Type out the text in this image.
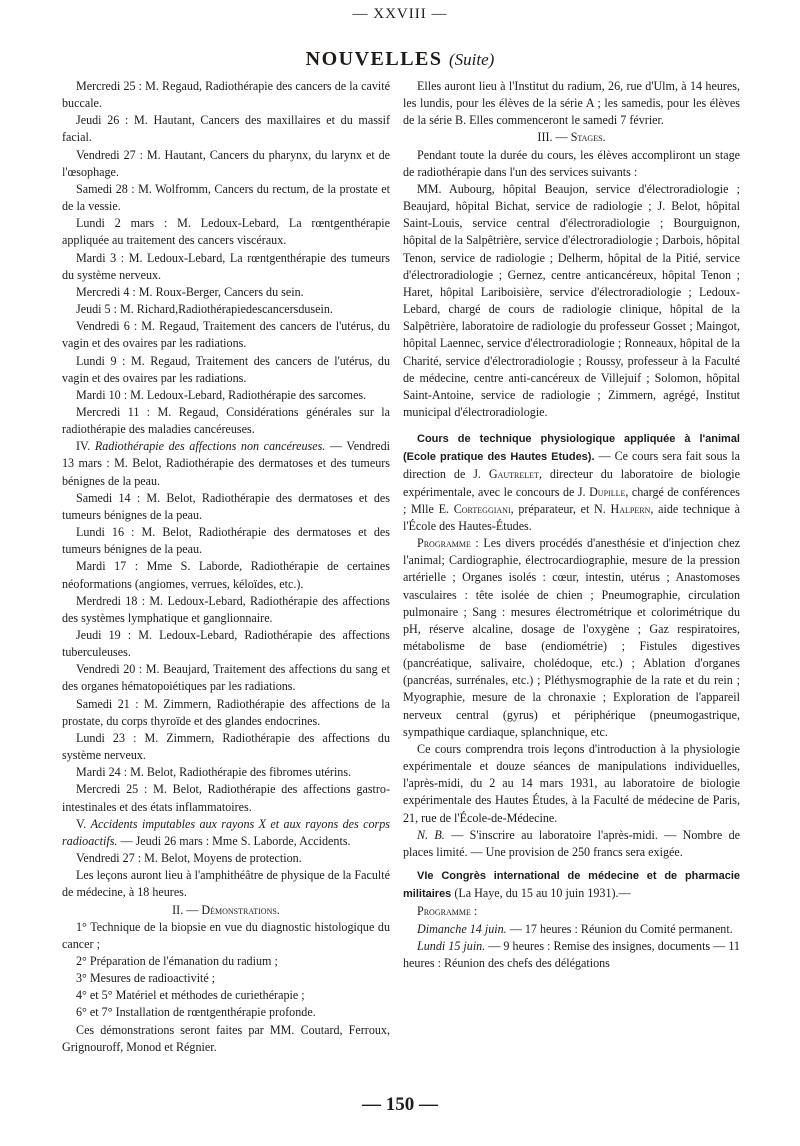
— XXVIII —
NOUVELLES (Suite)

Mercredi 25 : M. Regaud, Radiothérapie des cancers de la cavité buccale.

Jeudi 26 : M. Hautant, Cancers des maxillaires et du massif facial.

Vendredi 27 : M. Hautant, Cancers du pharynx, du larynx et de l'œsophage.

Samedi 28 : M. Wolfromm, Cancers du rectum, de la prostate et de la vessie.

Lundi 2 mars : M. Ledoux-Lebard, La rœntgenthérapie appliquée au traitement des cancers viscéraux.

Mardi 3 : M. Ledoux-Lebard, La rœntgenthérapie des tumeurs du système nerveux.

Mercredi 4 : M. Roux-Berger, Cancers du sein.

Jeudi 5 : M. Richard,Radiothérapiedescancersdusein.

Vendredi 6 : M. Regaud, Traitement des cancers de l'utérus, du vagin et des ovaires par les radiations.

Lundi 9 : M. Regaud, Traitement des cancers de l'utérus, du vagin et des ovaires par les radiations.

Mardi 10 : M. Ledoux-Lebard, Radiothérapie des sarcomes.

Mercredi 11 : M. Regaud, Considérations générales sur la radiothérapie des maladies cancéreuses.

IV. Radiothérapie des affections non cancéreuses. — Vendredi 13 mars : M. Belot, Radiothérapie des dermatoses et des tumeurs bénignes de la peau.

Samedi 14 : M. Belot, Radiothérapie des dermatoses et des tumeurs bénignes de la peau.

Lundi 16 : M. Belot, Radiothérapie des dermatoses et des tumeurs bénignes de la peau.

Mardi 17 : Mme S. Laborde, Radiothérapie de certaines néoformations (angiomes, verrues, kéloïdes, etc.).

Merdredi 18 : M. Ledoux-Lebard, Radiothérapie des affections des systèmes lymphatique et ganglionnaire.

Jeudi 19 : M. Ledoux-Lebard, Radiothérapie des affections tuberculeuses.

Vendredi 20 : M. Beaujard, Traitement des affections du sang et des organes hématopoiétiques par les radiations.

Samedi 21 : M. Zimmern, Radiothérapie des affections de la prostate, du corps thyroïde et des glandes endocrines.

Lundi 23 : M. Zimmern, Radiothérapie des affections du système nerveux.

Mardi 24 : M. Belot, Radiothérapie des fibromes utérins.

Mercredi 25 : M. Belot, Radiothérapie des affections gastro-intestinales et des états inflammatoires.

V. Accidents imputables aux rayons X et aux rayons des corps radioactifs. — Jeudi 26 mars : Mme S. Laborde, Accidents.

Vendredi 27 : M. Belot, Moyens de protection.

Les leçons auront lieu à l'amphithéâtre de physique de la Faculté de médecine, à 18 heures.

II. — Démonstrations.

1° Technique de la biopsie en vue du diagnostic histologique du cancer ;

2° Préparation de l'émanation du radium ;

3° Mesures de radioactivité ;

4° et 5° Matériel et méthodes de curiethérapie ;

6° et 7° Installation de rœntgenthérapie profonde.

Ces démonstrations seront faites par MM. Coutard, Ferroux, Grignouroff, Monod et Régnier.

Elles auront lieu à l'Institut du radium, 26, rue d'Ulm, à 14 heures, les lundis, pour les élèves de la série A ; les samedis, pour les élèves de la série B. Elles commenceront le samedi 7 février.

III. — Stages.

Pendant toute la durée du cours, les élèves accompliront un stage de radiothérapie dans l'un des services suivants :

MM. Aubourg, hôpital Beaujon, service d'électroradiologie ; Beaujard, hôpital Bichat, service de radiologie ; J. Belot, hôpital Saint-Louis, service central d'électroradiologie ; Bourguignon, hôpital de la Salpêtrière, service d'électroradiologie ; Darbois, hôpital Tenon, service de radiologie ; Delherm, hôpital de la Pitié, service d'électroradiologie ; Gernez, centre anticancéreux, hôpital Tenon ; Haret, hôpital Lariboisière, service d'électroradiologie ; Ledoux-Lebard, chargé de cours de radiologie clinique, hôpital de la Salpêtrière, laboratoire de radiologie du professeur Gosset ; Maingot, hôpital Laennec, service d'électroradiologie ; Ronneaux, hôpital de la Charité, service d'électroradiologie ; Roussy, professeur à la Faculté de médecine, centre anti-cancéreux de Villejuif ; Solomon, hôpital Saint-Antoine, service de radiologie ; Zimmern, agrégé, Institut municipal d'électroradiologie.

Cours de technique physiologique appliquée à l'animal (Ecole pratique des Hautes Etudes). — Ce cours sera fait sous la direction de J. Gautrelet, directeur du laboratoire de biologie expérimentale, avec le concours de J. Dupille, chargé de conférences ; Mlle E. Corteggiani, préparateur, et N. Halpern, aide technique à l'École des Hautes-Études.

Programme : Les divers procédés d'anesthésie et d'injection chez l'animal; Cardiographie, électrocardiographie, mesure de la pression artérielle ; Organes isolés : cœur, intestin, utérus ; Anastomoses vasculaires : tête isolée de chien ; Pneumographie, circulation pulmonaire ; Sang : mesures électrométrique et colorimétrique du pH, réserve alcaline, dosage de l'oxygène ; Gaz respiratoires, métabolisme de base (endiométrie) ; Fistules digestives (pancréatique, salivaire, cholédoque, etc.) ; Ablation d'organes (pancréas, surrénales, etc.) ; Pléthysmographie de la rate et du rein ; Myographie, mesure de la chronaxie ; Exploration de l'appareil nerveux central (gyrus) et périphérique (pneumogastrique, sympathique cardiaque, splanchnique, etc.

Ce cours comprendra trois leçons d'introduction à la physiologie expérimentale et douze séances de manipulations individuelles, l'après-midi, du 2 au 14 mars 1931, au laboratoire de biologie expérimentale des Hautes Études, à la Faculté de médecine de Paris, 21, rue de l'École-de-Médecine.

N. B. — S'inscrire au laboratoire l'après-midi. — Nombre de places limité. — Une provision de 250 francs sera exigée.

VIe Congrès international de médecine et de pharmacie militaires (La Haye, du 15 au 10 juin 1931).—

Programme :

Dimanche 14 juin. — 17 heures : Réunion du Comité permanent.

Lundi 15 juin. — 9 heures : Remise des insignes, documents — 11 heures : Réunion des chefs des délégations

— 150 —
